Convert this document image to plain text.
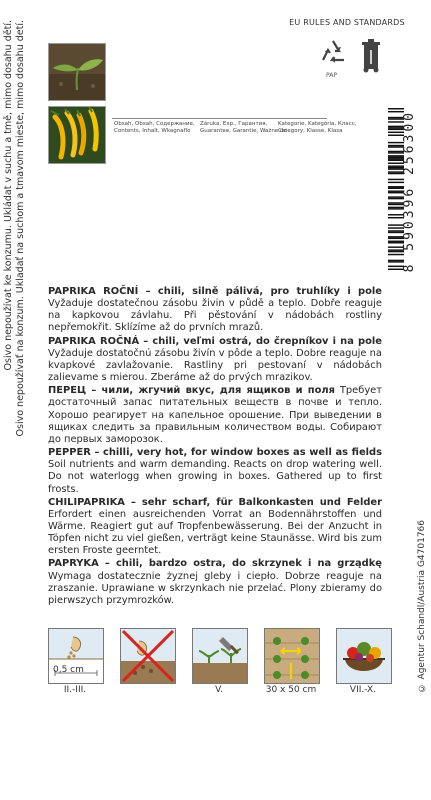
Osivo nepoužívat ke konzumu. Ukládat v suchu a tmě, mimo dosahu dětí. Osivo nepoužívať na konzum. Ukladať na suchom a tmavom mieste, mimo dosahu detí.	EU RULES AND STANDARDS
PAP
Obsah, Obsah, Содержание,
Contents, Inhalt, Wkagnaflo
Záruka, Exp., Гарантия,
Guarantee, Garantie, Ważne do
Kategorie, Kategória, Класс,
Category, Klasse, Klasa	8 590396 256300
© Agentur Schandl/Austria G4701766

PAPRIKA ROČNÍ – chili, silně pálivá, pro truhlíky i pole Vyžaduje dostatečnou zásobu živin v půdě a teplo. Dobře reaguje na kapkovou závlahu. Při pěstování v nádobách rostliny nepřemokřit. Sklízíme až do prvních mrazů.

PAPRIKA ROČNÁ – chili, veľmi ostrá, do črepníkov i na pole Vyžaduje dostatočnú zásobu živín v pôde a teplo. Dobre reaguje na kvapkové zavlažovanie. Rastliny pri pestovaní v nádobách zalievame s mierou. Zberáme až do prvých mrazikov.

ПЕРЕЦ – чили, жгучий вкус, для ящиков и поля Требует достаточный запас питательных веществ в почве и тепло. Хорошо реагирует на капельное орошение. При выведении в ящиках следить за правильным количеством воды. Собирают до первых заморозок.

PEPPER – chilli, very hot, for window boxes as well as fields Soil nutrients and warm demanding. Reacts on drop watering well. Do not waterlogg when growing in boxes. Gathered up to first frosts.

CHILIPAPRIKA – sehr scharf, für Balkonkasten und Felder Erfordert einen ausreichenden Vorrat an Bodennährstoffen und Wärme. Reagiert gut auf Tropfenbewässerung. Bei der Anzucht in Töpfen nicht zu viel gießen, verträgt keine Staunässe. Wird bis zum ersten Froste geerntet.

PAPRYKA – chili, bardzo ostra, do skrzynek i na grządkę Wymaga dostatecznie żyznej gleby i ciepło. Dobrze reaguje na zraszanie. Uprawiane w skrzynkach nie przelać. Plony zbieramy do pierwszych przymrozków.

0,5 cm
II.-III.	V.	30 x 50 cm	VII.-X.
